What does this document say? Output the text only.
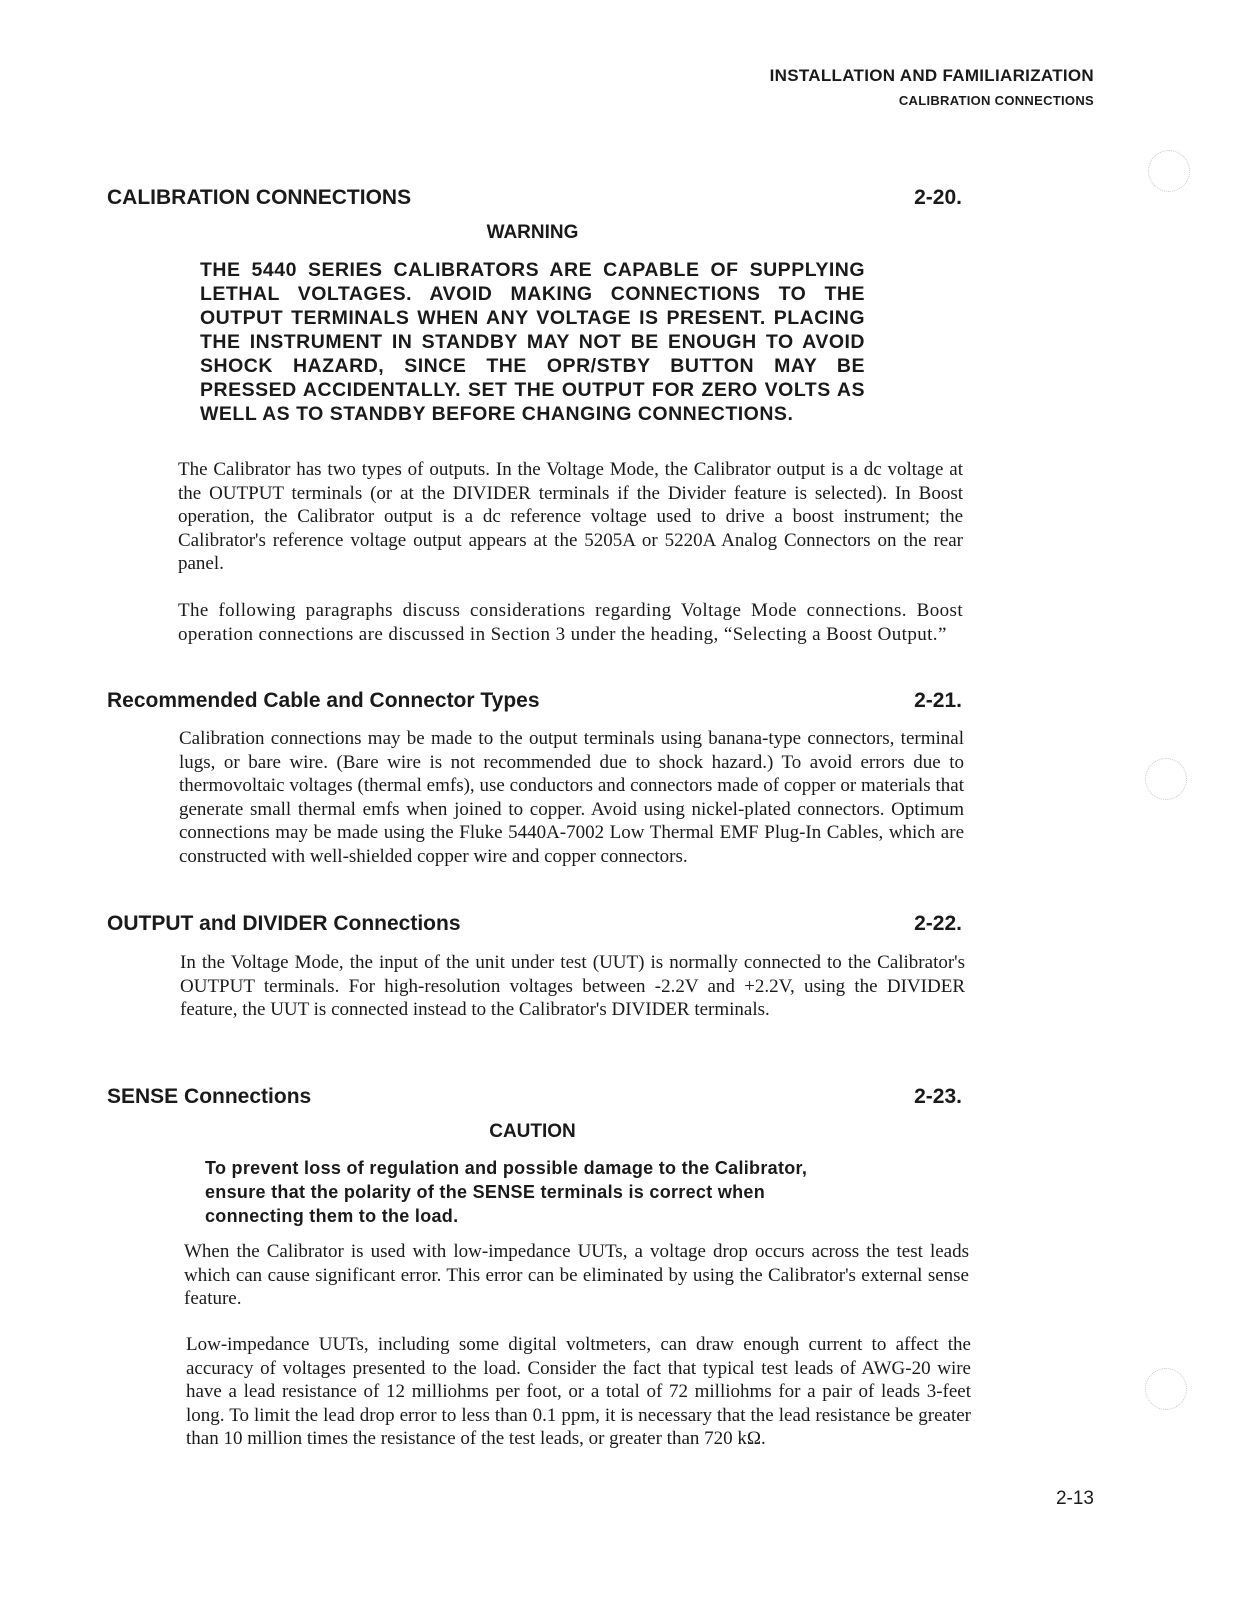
INSTALLATION AND FAMILIARIZATION
CALIBRATION CONNECTIONS
CALIBRATION CONNECTIONS	2-20.
WARNING
THE 5440 SERIES CALIBRATORS ARE CAPABLE OF SUPPLYING LETHAL VOLTAGES. AVOID MAKING CONNECTIONS TO THE OUTPUT TERMINALS WHEN ANY VOLTAGE IS PRESENT. PLACING THE INSTRUMENT IN STANDBY MAY NOT BE ENOUGH TO AVOID SHOCK HAZARD, SINCE THE OPR/STBY BUTTON MAY BE PRESSED ACCIDENTALLY. SET THE OUTPUT FOR ZERO VOLTS AS WELL AS TO STANDBY BEFORE CHANGING CONNECTIONS.
The Calibrator has two types of outputs. In the Voltage Mode, the Calibrator output is a dc voltage at the OUTPUT terminals (or at the DIVIDER terminals if the Divider feature is selected). In Boost operation, the Calibrator output is a dc reference voltage used to drive a boost instrument; the Calibrator's reference voltage output appears at the 5205A or 5220A Analog Connectors on the rear panel.
The following paragraphs discuss considerations regarding Voltage Mode connections. Boost operation connections are discussed in Section 3 under the heading, “Selecting a Boost Output.”
Recommended Cable and Connector Types	2-21.
Calibration connections may be made to the output terminals using banana-type connectors, terminal lugs, or bare wire. (Bare wire is not recommended due to shock hazard.) To avoid errors due to thermovoltaic voltages (thermal emfs), use conductors and connectors made of copper or materials that generate small thermal emfs when joined to copper. Avoid using nickel-plated connectors. Optimum connections may be made using the Fluke 5440A-7002 Low Thermal EMF Plug-In Cables, which are constructed with well-shielded copper wire and copper connectors.
OUTPUT and DIVIDER Connections	2-22.
In the Voltage Mode, the input of the unit under test (UUT) is normally connected to the Calibrator's OUTPUT terminals. For high-resolution voltages between -2.2V and +2.2V, using the DIVIDER feature, the UUT is connected instead to the Calibrator's DIVIDER terminals.
SENSE Connections	2-23.
CAUTION
To prevent loss of regulation and possible damage to the Calibrator, ensure that the polarity of the SENSE terminals is correct when connecting them to the load.
When the Calibrator is used with low-impedance UUTs, a voltage drop occurs across the test leads which can cause significant error. This error can be eliminated by using the Calibrator's external sense feature.
Low-impedance UUTs, including some digital voltmeters, can draw enough current to affect the accuracy of voltages presented to the load. Consider the fact that typical test leads of AWG-20 wire have a lead resistance of 12 milliohms per foot, or a total of 72 milliohms for a pair of leads 3-feet long. To limit the lead drop error to less than 0.1 ppm, it is necessary that the lead resistance be greater than 10 million times the resistance of the test leads, or greater than 720 kΩ.
2-13
